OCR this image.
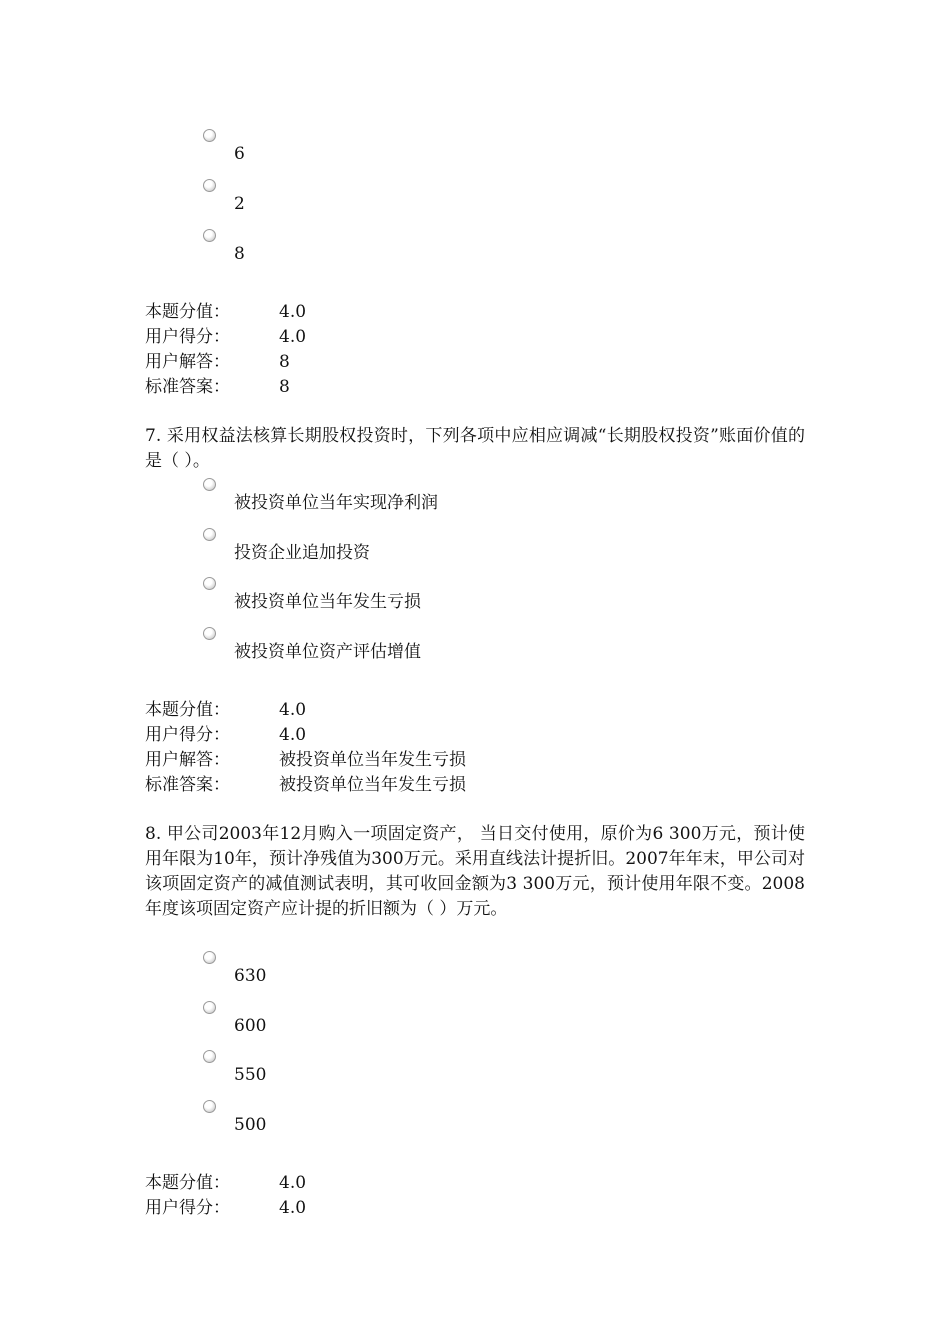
6
2
8
本题分值：	4.0
用户得分：	4.0
用户解答：	8
标准答案：	8
7. 采用权益法核算长期股权投资时，下列各项中应相应调减“长期股权投资”账面价值的是（ ）。
被投资单位当年实现净利润
投资企业追加投资
被投资单位当年发生亏损
被投资单位资产评估增值
本题分值：	4.0
用户得分：	4.0
用户解答：	被投资单位当年发生亏损
标准答案：	被投资单位当年发生亏损
8. 甲公司2003年12月购入一项固定资产， 当日交付使用，原价为6 300万元，预计使用年限为10年，预计净残值为300万元。采用直线法计提折旧。2007年年末，甲公司对该项固定资产的减值测试表明，其可收回金额为3 300万元，预计使用年限不变。2008年度该项固定资产应计提的折旧额为（ ）万元。
630
600
550
500
本题分值：	4.0
用户得分：	4.0
